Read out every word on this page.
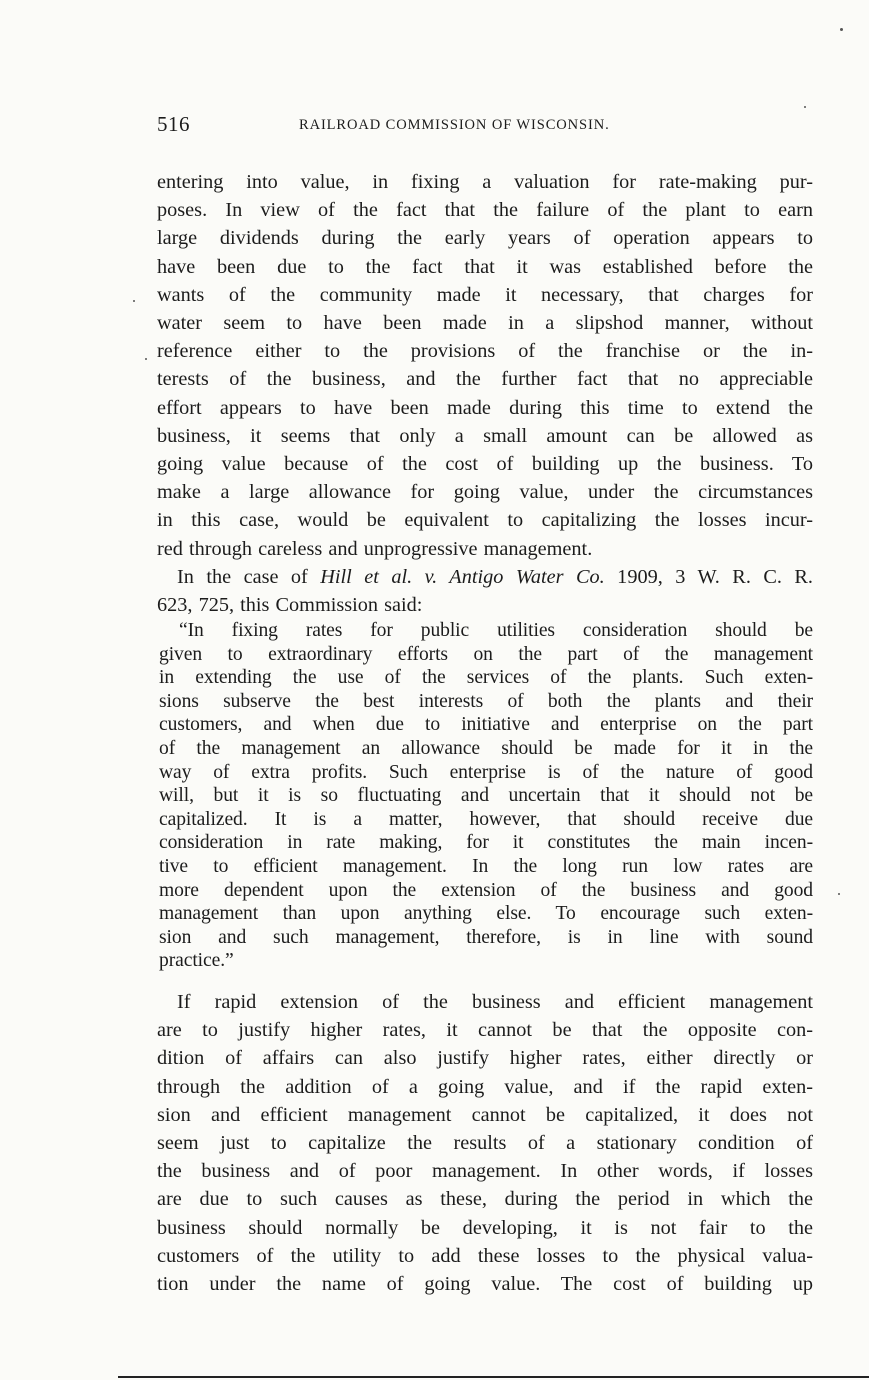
516	RAILROAD COMMISSION OF WISCONSIN.
entering into value, in fixing a valuation for rate-making pur-
poses. In view of the fact that the failure of the plant to earn
large dividends during the early years of operation appears to
have been due to the fact that it was established before the
wants of the community made it necessary, that charges for
water seem to have been made in a slipshod manner, without
reference either to the provisions of the franchise or the in-
terests of the business, and the further fact that no appreciable
effort appears to have been made during this time to extend the
business, it seems that only a small amount can be allowed as
going value because of the cost of building up the business. To
make a large allowance for going value, under the circumstances
in this case, would be equivalent to capitalizing the losses incur-
red through careless and unprogressive management.
In the case of Hill et al. v. Antigo Water Co. 1909, 3 W. R. C. R.
623, 725, this Commission said:
“In fixing rates for public utilities consideration should be
given to extraordinary efforts on the part of the management
in extending the use of the services of the plants. Such exten-
sions subserve the best interests of both the plants and their
customers, and when due to initiative and enterprise on the part
of the management an allowance should be made for it in the
way of extra profits. Such enterprise is of the nature of good
will, but it is so fluctuating and uncertain that it should not be
capitalized. It is a matter, however, that should receive due
consideration in rate making, for it constitutes the main incen-
tive to efficient management. In the long run low rates are
more dependent upon the extension of the business and good
management than upon anything else. To encourage such exten-
sion and such management, therefore, is in line with sound
practice.”
If rapid extension of the business and efficient management
are to justify higher rates, it cannot be that the opposite con-
dition of affairs can also justify higher rates, either directly or
through the addition of a going value, and if the rapid exten-
sion and efficient management cannot be capitalized, it does not
seem just to capitalize the results of a stationary condition of
the business and of poor management. In other words, if losses
are due to such causes as these, during the period in which the
business should normally be developing, it is not fair to the
customers of the utility to add these losses to the physical valua-
tion under the name of going value. The cost of building up
